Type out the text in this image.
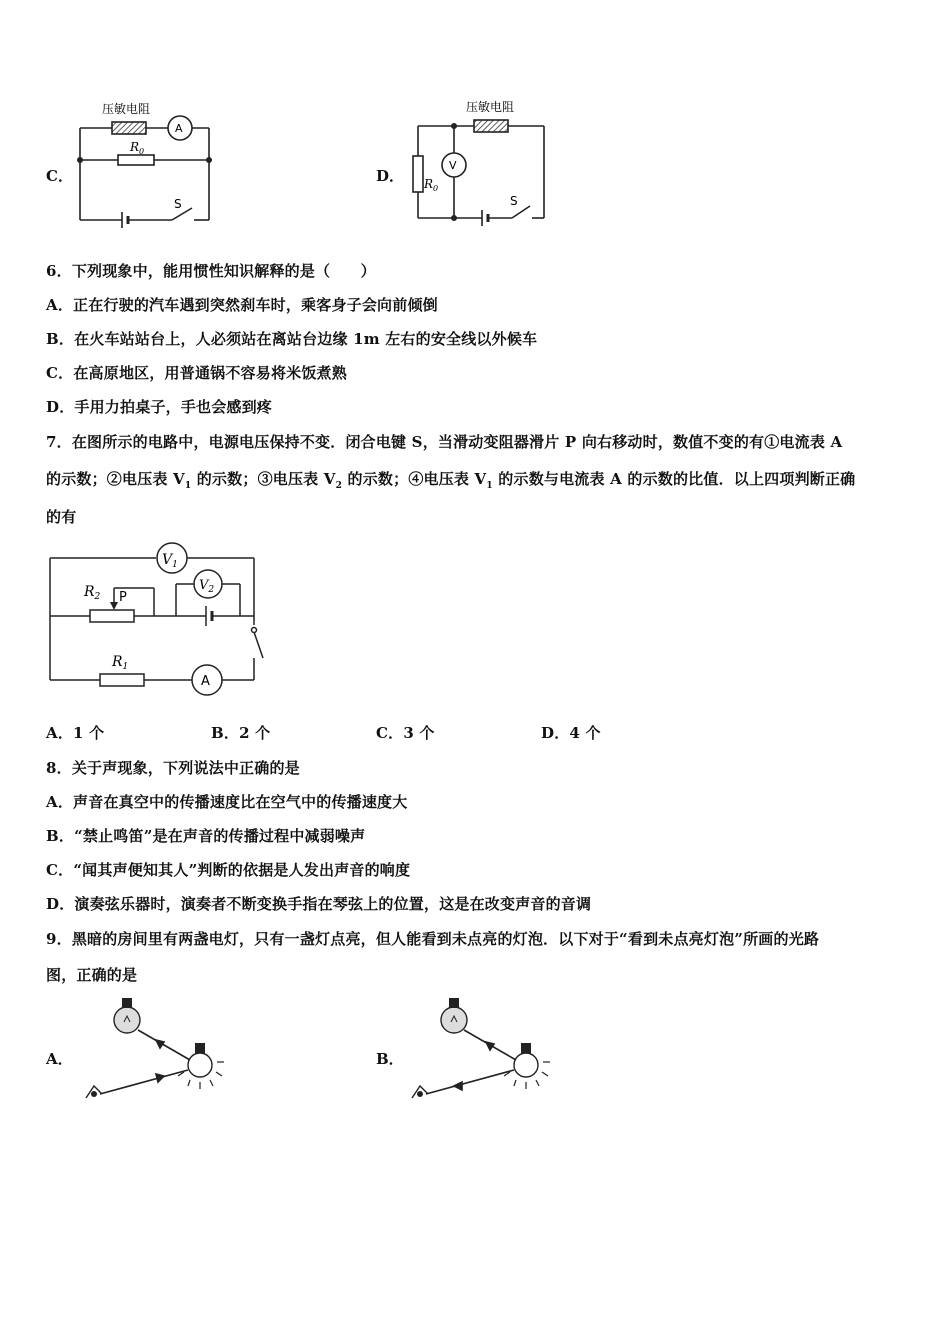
C．
压敏电阻
A
$R_0$
S
D．
压敏电阻
V
$R_0$
S
6．下列现象中，能用惯性知识解释的是（　　）
A．正在行驶的汽车遇到突然刹车时，乘客身子会向前倾倒
B．在火车站站台上，人必须站在离站台边缘 1m 左右的安全线以外候车
C．在高原地区，用普通锅不容易将米饭煮熟
D．手用力拍桌子，手也会感到疼
7．在图所示的电路中，电源电压保持不变．闭合电键 S，当滑动变阻器滑片 P 向右移动时，数值不变的有①电流表 A
的示数；②电压表 $V_1$ 的示数；③电压表 $V_2$ 的示数；④电压表 $V_1$ 的示数与电流表 A 的示数的比值．以上四项判断正确
的有
$V_1$
$V_2$
$R_2$ P
$R_1$
A
A．1 个	B．2 个	C．3 个	D．4 个
8．关于声现象，下列说法中正确的是
A．声音在真空中的传播速度比在空气中的传播速度大
B．“禁止鸣笛”是在声音的传播过程中减弱噪声
C．“闻其声便知其人”判断的依据是人发出声音的响度
D．演奏弦乐器时，演奏者不断变换手指在琴弦上的位置，这是在改变声音的音调
9．黑暗的房间里有两盏电灯，只有一盏灯点亮，但人能看到未点亮的灯泡．以下对于“看到未点亮灯泡”所画的光路
图，正确的是
A．	B．
